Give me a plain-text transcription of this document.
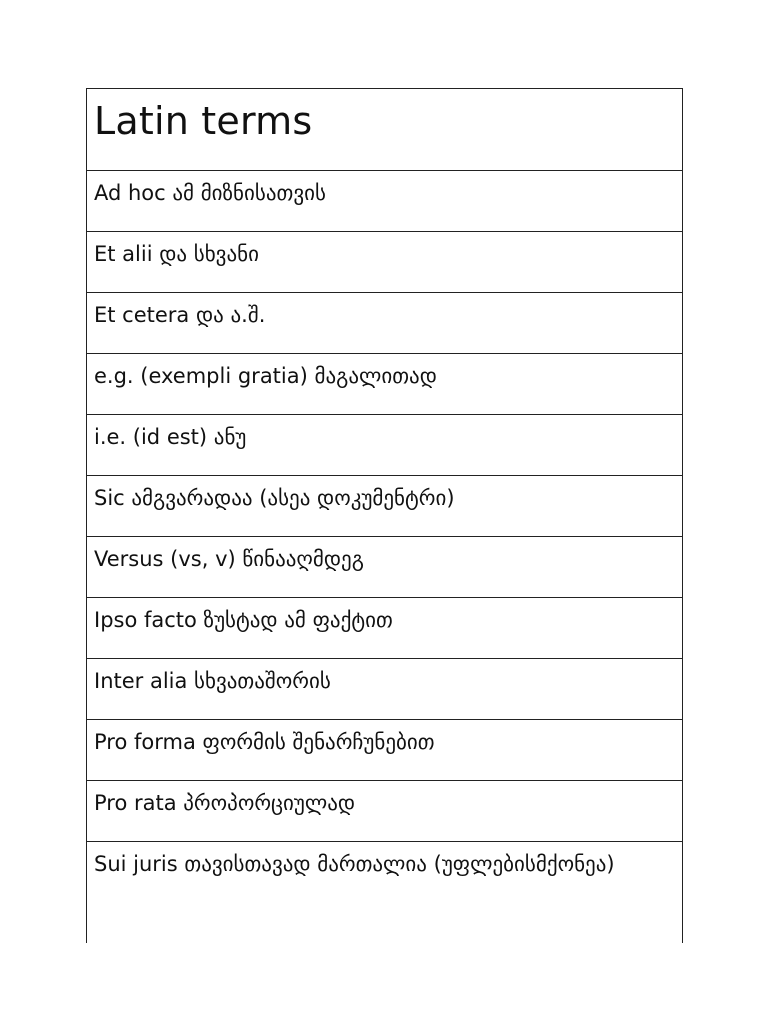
Latin terms
Ad hoc ამ მიზნისათვის
Et alii და სხვანი
Et cetera და ა.შ.
e.g. (exempli gratia) მაგალითად
i.e. (id est) ანუ
Sic ამგვარადაა (ასეა დოკუმენტრი)
Versus (vs, v) წინააღმდეგ
Ipso facto ზუსტად ამ ფაქტით
Inter alia სხვათაშორის
Pro forma ფორმის შენარჩუნებით
Pro rata პროპორციულად
Sui juris თავისთავად მართალია (უფლებისმქონეა)
